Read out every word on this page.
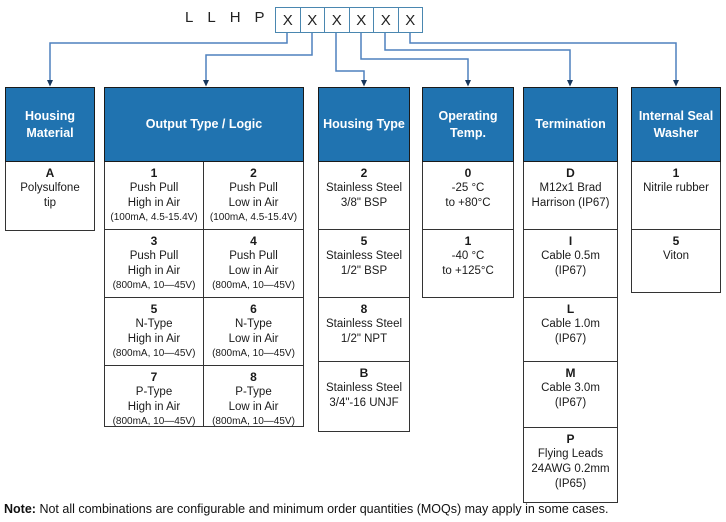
L L H P	X X X X X X
Housing Material
A
Polysulfone
tip
Output Type / Logic
1
Push Pull
High in Air
(100mA, 4.5-15.4V)
2
Push Pull
Low in Air
(100mA, 4.5-15.4V)
3
Push Pull
High in Air
(800mA, 10—45V)
4
Push Pull
Low in Air
(800mA, 10—45V)
5
N-Type
High in Air
(800mA, 10—45V)
6
N-Type
Low in Air
(800mA, 10—45V)
7
P-Type
High in Air
(800mA, 10—45V)
8
P-Type
Low in Air
(800mA, 10—45V)
Housing Type
2
Stainless Steel
3/8" BSP
5
Stainless Steel
1/2" BSP
8
Stainless Steel
1/2" NPT
B
Stainless Steel
3/4"-16 UNJF
Operating Temp.
0
-25 °C
to +80°C
1
-40 °C
to +125°C
Termination
D
M12x1 Brad
Harrison (IP67)
I
Cable 0.5m
(IP67)
L
Cable 1.0m
(IP67)
M
Cable 3.0m
(IP67)
P
Flying Leads
24AWG 0.2mm
(IP65)
Internal Seal Washer
1
Nitrile rubber
5
Viton
Note: Not all combinations are configurable and minimum order quantities (MOQs) may apply in some cases.
